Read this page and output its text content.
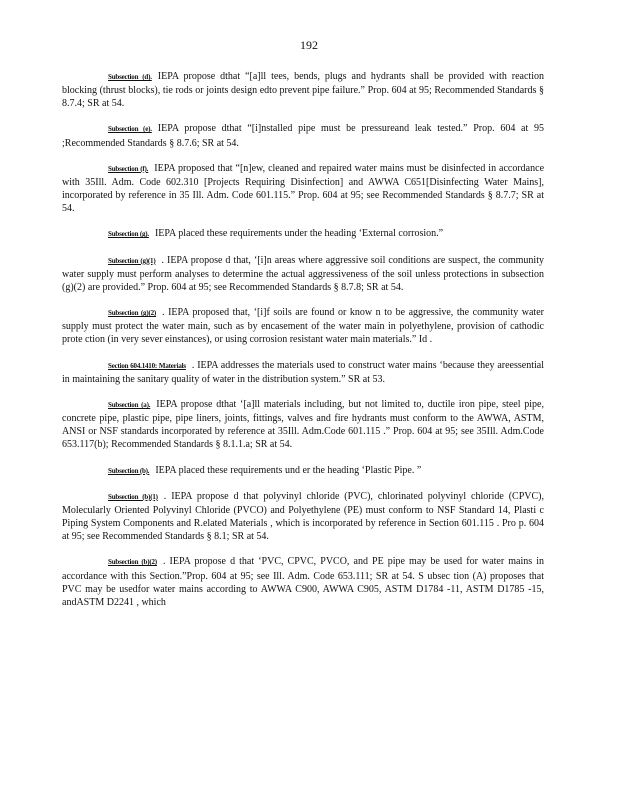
192

Subsection (d). IEPA propose dthat “[a]ll tees, bends, plugs and hydrants shall be provided with reaction blocking (thrust blocks), tie rods or joints design edto prevent pipe failure.” Prop. 604 at 95; Recommended Standards § 8.7.4; SR at 54.

Subsection (e). IEPA propose dthat “[i]nstalled pipe must be pressureand leak tested.” Prop. 604 at 95 ;Recommended Standards § 8.7.6; SR at 54.

Subsection (f). IEPA proposed that “[n]ew, cleaned and repaired water mains must be disinfected in accordance with 35Ill. Adm. Code 602.310 [Projects Requiring Disinfection] and AWWA C651[Disinfecting Water Mains], incorporated by reference in 35 Ill. Adm. Code 601.115.” Prop. 604 at 95; see Recommended Standards § 8.7.7; SR at 54.

Subsection (g). IEPA placed these requirements under the heading ‘External corrosion.”

Subsection (g)(1) . IEPA propose d that, ‘[i]n areas where aggressive soil conditions are suspect, the community water supply must perform analyses to determine the actual aggressiveness of the soil unless protections in subsection (g)(2) are provided.” Prop. 604 at 95; see Recommended Standards § 8.7.8; SR at 54.

Subsection (g)(2) . IEPA proposed that, ‘[i]f soils are found or know n to be aggressive, the community water supply must protect the water main, such as by encasement of the water main in polyethylene, provision of cathodic prote ction (in very sever einstances), or using corrosion resistant water main materials.” Id .

Section 604.1410: Materials . IEPA addresses the materials used to construct water mains ‘because they areessential in maintaining the sanitary quality of water in the distribution system.” SR at 53.

Subsection (a). IEPA propose dthat ‘[a]ll materials including, but not limited to, ductile iron pipe, steel pipe, concrete pipe, plastic pipe, pipe liners, joints, fittings, valves and fire hydrants must conform to the AWWA, ASTM, ANSI or NSF standards incorporated by reference at 35Ill. Adm.Code 601.115 .” Prop. 604 at 95; see 35Ill. Adm.Code 653.117(b); Recommended Standards § 8.1.1.a; SR at 54.

Subsection (b). IEPA placed these requirements und er the heading ‘Plastic Pipe. ”

Subsection (b)(1) . IEPA propose d that polyvinyl chloride (PVC), chlorinated polyvinyl chloride (CPVC), Molecularly Oriented Polyvinyl Chloride (PVCO) and Polyethylene (PE) must conform to NSF Standard 14, Plasti c Piping System Components and R.elated Materials , which is incorporated by reference in Section 601.115 . Pro p. 604 at 95; see Recommended Standards § 8.1; SR at 54.

Subsection (b)(2) . IEPA propose d that ‘PVC, CPVC, PVCO, and PE pipe may be used for water mains in accordance with this Section.”Prop. 604 at 95; see Ill. Adm. Code 653.111; SR at 54. S ubsec tion (A) proposes that PVC may be usedfor water mains according to AWWA C900, AWWA C905, ASTM D1784 -11, ASTM D1785 -15, andASTM D2241 , which
